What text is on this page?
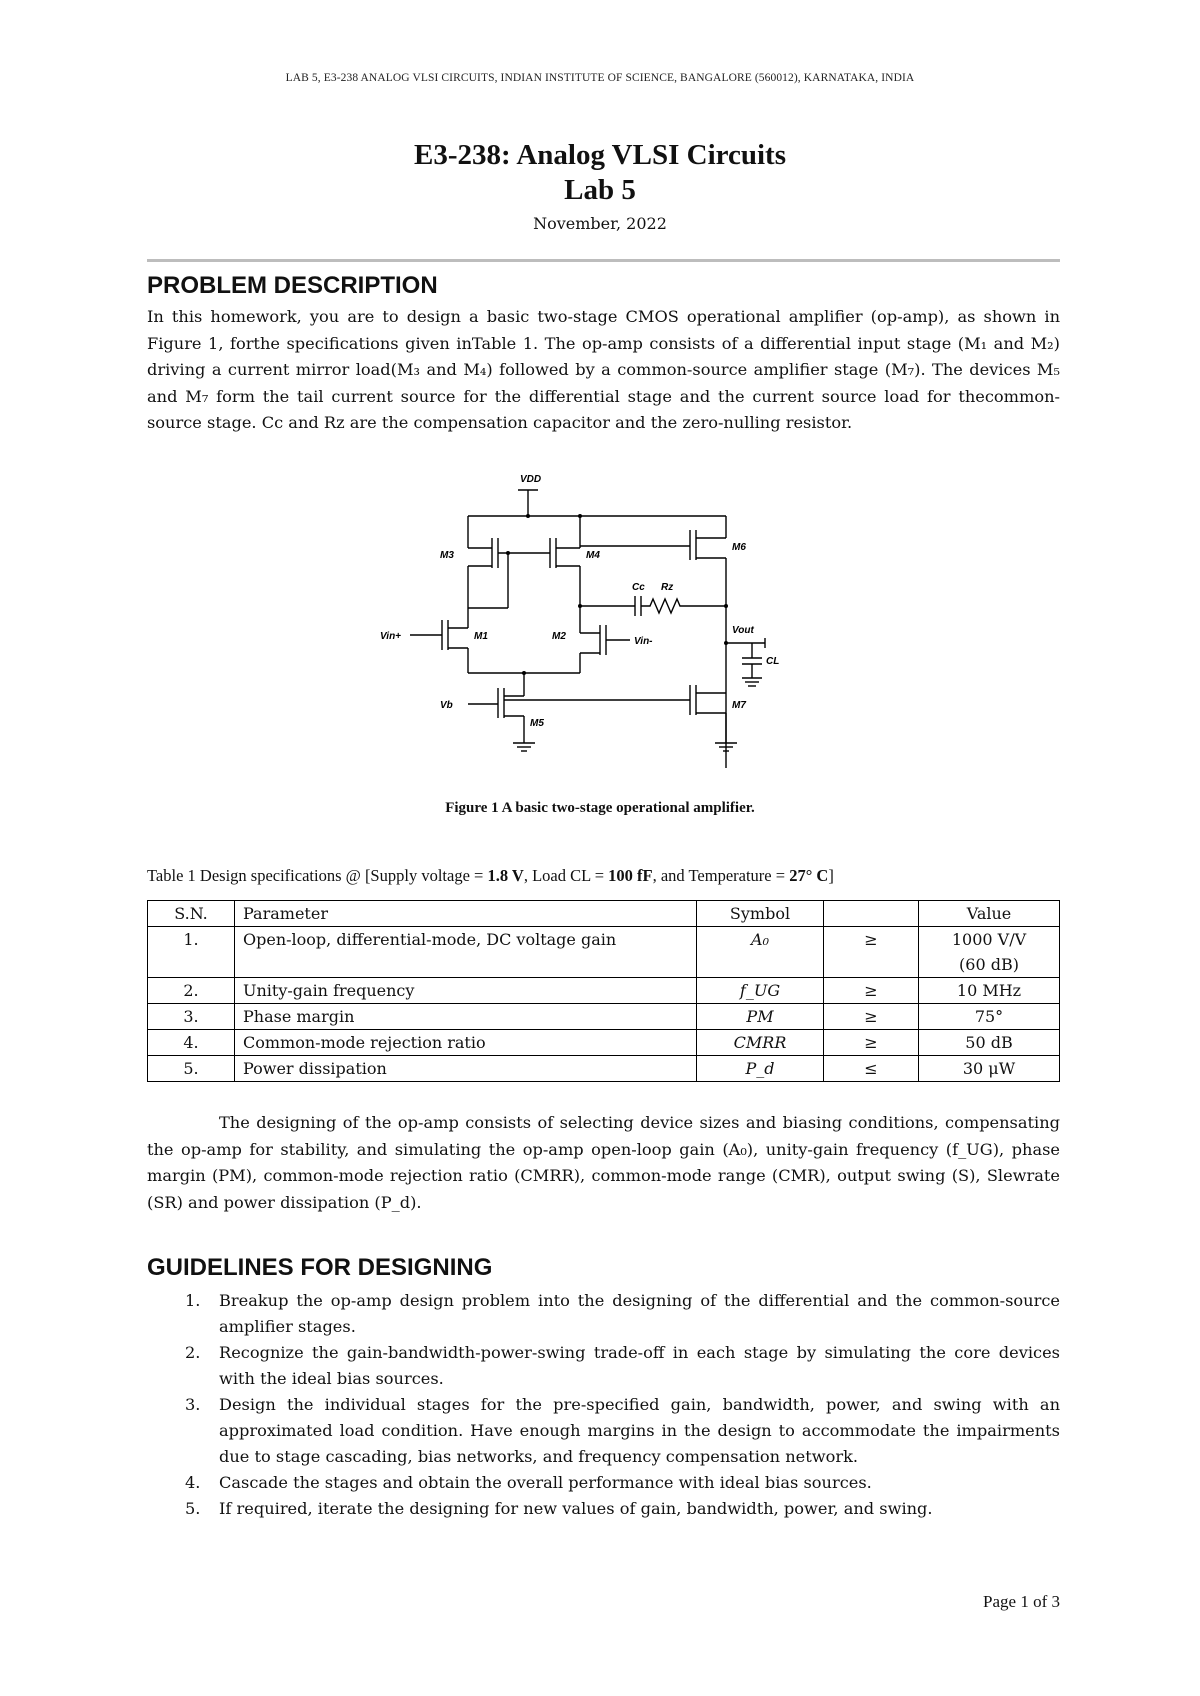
LAB 5, E3-238 ANALOG VLSI CIRCUITS, INDIAN INSTITUTE OF SCIENCE, BANGALORE (560012), KARNATAKA, INDIA
E3-238: Analog VLSI Circuits
Lab 5
November, 2022
PROBLEM DESCRIPTION

In this homework, you are to design a basic two-stage CMOS operational amplifier (op-amp), as shown in Figure 1, forthe specifications given inTable 1. The op-amp consists of a differential input stage (M₁ and M₂) driving a current mirror load(M₃ and M₄) followed by a common-source amplifier stage (M₇). The devices M₅ and M₇ form the tail current source for the differential stage and the current source load for thecommon- source stage. Cc and Rz are the compensation capacitor and the zero-nulling resistor.

VDD
M3	M4
M6
Cc Rz
Vout
CL
Vin+	M1	M2	Vin-
Vb
M5
M7
Figure 1 A basic two-stage operational amplifier.
Table 1 Design specifications @ [Supply voltage = 1.8 V, Load CL = 100 fF, and Temperature = 27° C]
S.N.	Parameter	Symbol		Value
1.	Open-loop, differential-mode, DC voltage gain	A₀	≥	1000 V/V
(60 dB)

2.	Unity-gain frequency	f_UG	≥	10 MHz
3.	Phase margin	PM	≥	75°
4.	Common-mode rejection ratio	CMRR	≥	50 dB
5.	Power dissipation	P_d	≤	30 μW

The designing of the op-amp consists of selecting device sizes and biasing conditions, compensating the op-amp for stability, and simulating the op-amp open-loop gain (A₀), unity-gain frequency (f_UG), phase margin (PM), common-mode rejection ratio (CMRR), common-mode range (CMR), output swing (S), Slewrate (SR) and power dissipation (P_d).

GUIDELINES FOR DESIGNING
1. Breakup the op-amp design problem into the designing of the differential and the common-source amplifier stages.
2. Recognize the gain-bandwidth-power-swing trade-off in each stage by simulating the core devices with the ideal bias sources.
3. Design the individual stages for the pre-specified gain, bandwidth, power, and swing with an approximated load condition. Have enough margins in the design to accommodate the impairments due to stage cascading, bias networks, and frequency compensation network.
4. Cascade the stages and obtain the overall performance with ideal bias sources.
5. If required, iterate the designing for new values of gain, bandwidth, power, and swing.
Page 1 of 3
